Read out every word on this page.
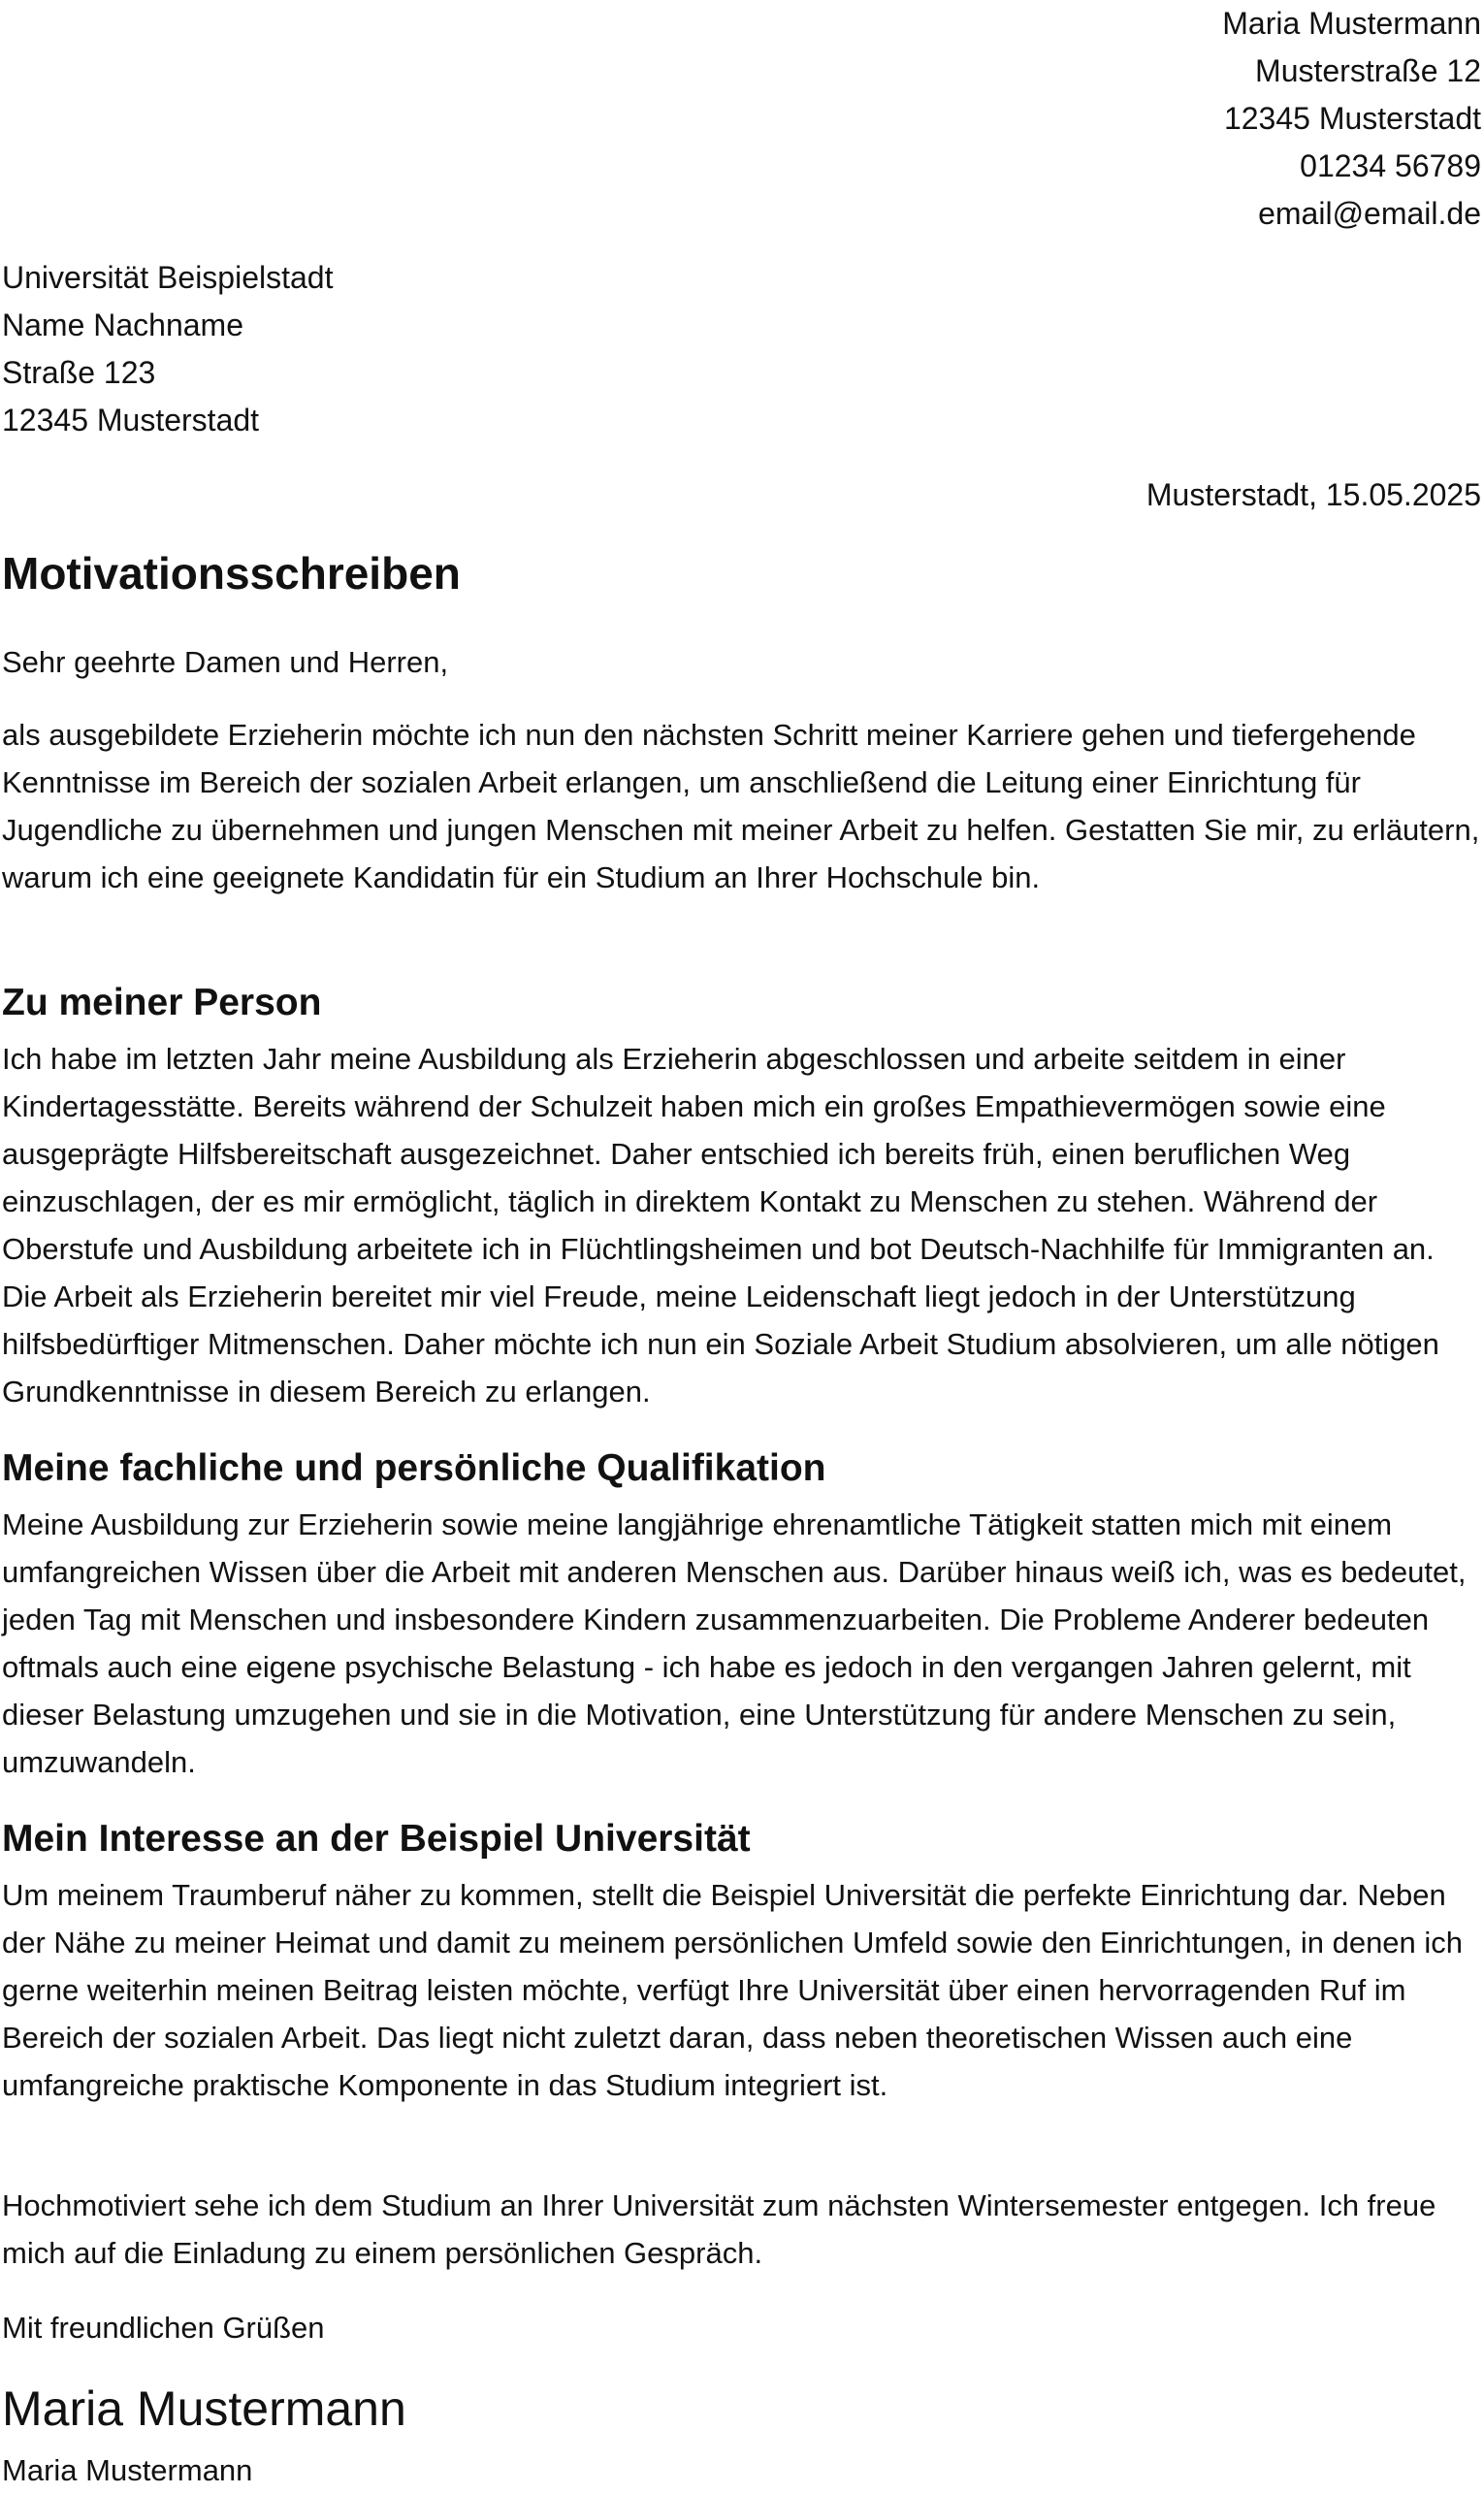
Maria Mustermann
Musterstraße 12
12345 Musterstadt
01234 56789
email@email.de
Universität Beispielstadt
Name Nachname
Straße 123
12345 Musterstadt
Musterstadt, 15.05.2025
Motivationsschreiben

Sehr geehrte Damen und Herren,

als ausgebildete Erzieherin möchte ich nun den nächsten Schritt meiner Karriere gehen und tiefergehende Kenntnisse im Bereich der sozialen Arbeit erlangen, um anschließend die Leitung einer Einrichtung für Jugendliche zu übernehmen und jungen Menschen mit meiner Arbeit zu helfen. Gestatten Sie mir, zu erläutern, warum ich eine geeignete Kandidatin für ein Studium an Ihrer Hochschule bin.

Zu meiner Person

Ich habe im letzten Jahr meine Ausbildung als Erzieherin abgeschlossen und arbeite seitdem in einer Kindertagesstätte. Bereits während der Schulzeit haben mich ein großes Empathievermögen sowie eine ausgeprägte Hilfsbereitschaft ausgezeichnet. Daher entschied ich bereits früh, einen beruflichen Weg einzuschlagen, der es mir ermöglicht, täglich in direktem Kontakt zu Menschen zu stehen. Während der Oberstufe und Ausbildung arbeitete ich in Flüchtlingsheimen und bot Deutsch-Nachhilfe für Immigranten an. Die Arbeit als Erzieherin bereitet mir viel Freude, meine Leidenschaft liegt jedoch in der Unterstützung hilfsbedürftiger Mitmenschen. Daher möchte ich nun ein Soziale Arbeit Studium absolvieren, um alle nötigen Grundkenntnisse in diesem Bereich zu erlangen.

Meine fachliche und persönliche Qualifikation

Meine Ausbildung zur Erzieherin sowie meine langjährige ehrenamtliche Tätigkeit statten mich mit einem umfangreichen Wissen über die Arbeit mit anderen Menschen aus. Darüber hinaus weiß ich, was es bedeutet, jeden Tag mit Menschen und insbesondere Kindern zusammenzuarbeiten. Die Probleme Anderer bedeuten oftmals auch eine eigene psychische Belastung - ich habe es jedoch in den vergangen Jahren gelernt, mit dieser Belastung umzugehen und sie in die Motivation, eine Unterstützung für andere Menschen zu sein, umzuwandeln.

Mein Interesse an der Beispiel Universität

Um meinem Traumberuf näher zu kommen, stellt die Beispiel Universität die perfekte Einrichtung dar. Neben der Nähe zu meiner Heimat und damit zu meinem persönlichen Umfeld sowie den Einrichtungen, in denen ich gerne weiterhin meinen Beitrag leisten möchte, verfügt Ihre Universität über einen hervorragenden Ruf im Bereich der sozialen Arbeit. Das liegt nicht zuletzt daran, dass neben theoretischen Wissen auch eine umfangreiche praktische Komponente in das Studium integriert ist.

Hochmotiviert sehe ich dem Studium an Ihrer Universität zum nächsten Wintersemester entgegen. Ich freue mich auf die Einladung zu einem persönlichen Gespräch.

Mit freundlichen Grüßen

Maria Mustermann
Maria Mustermann
